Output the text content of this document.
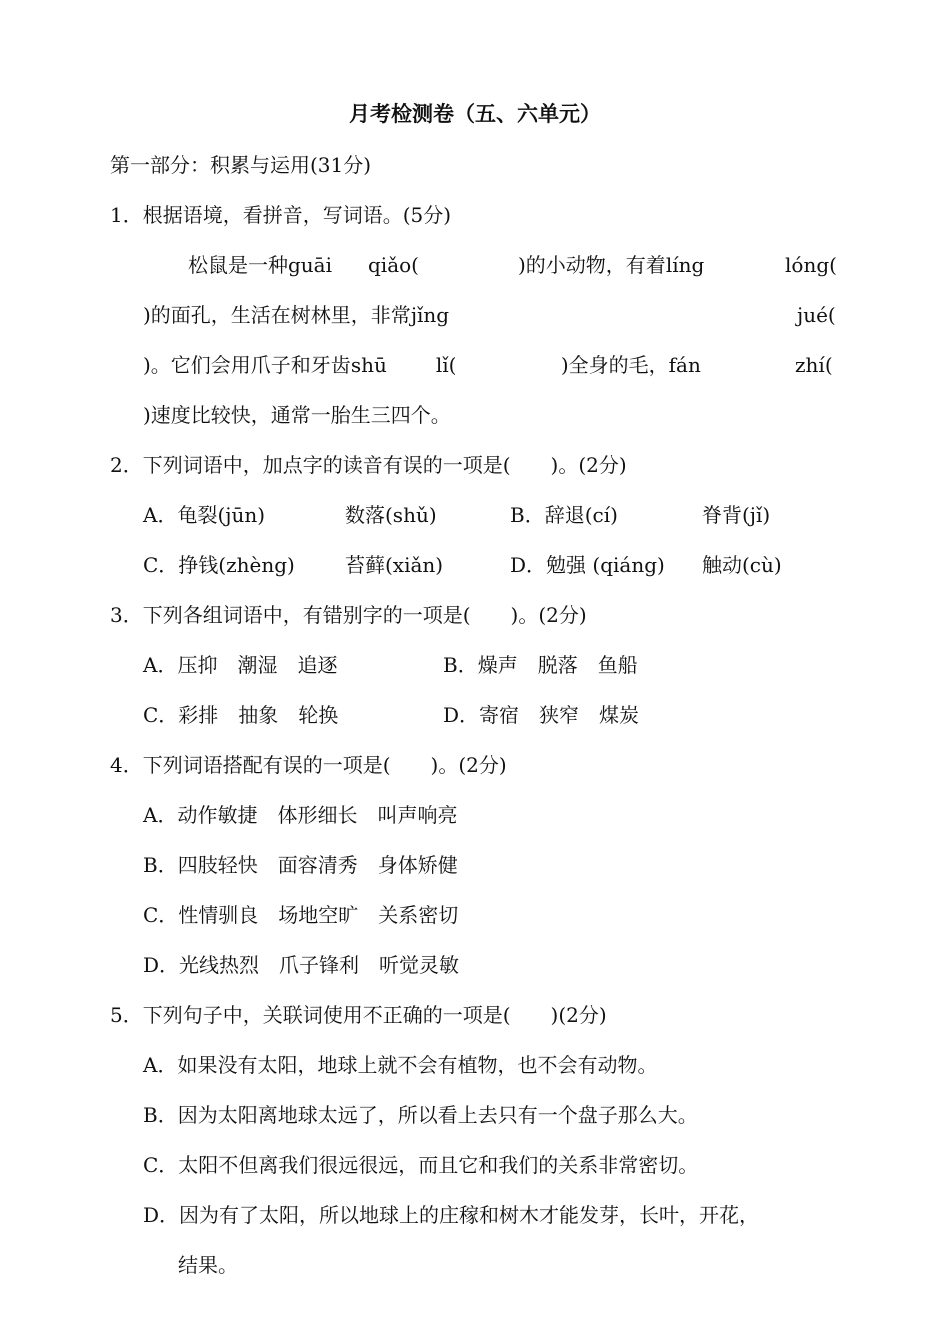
月考检测卷（五、六单元）
第一部分：积累与运用(31分)
1．根据语境，看拼音，写词语。(5分)
松鼠是一种guāi qiǎo(	)的小动物，有着líng	lóng(
)的面孔，生活在树林里，非常jǐng	jué(
)。它们会用爪子和牙齿shū lǐ(	)全身的毛，fán	zhí(
)速度比较快，通常一胎生三四个。
2．下列词语中，加点字的读音有误的一项是(　　)。(2分)
A．龟裂(jūn)	数落(shǔ)	B．辞退(cí)	脊背(jǐ)
C．挣钱(zhèng)	苔藓(xiǎn)	D．勉强 (qiáng) 触动(cù)
3．下列各组词语中，有错别字的一项是(　　)。(2分)
A．压抑　潮湿　追逐	B．燥声　脱落　鱼船
C．彩排　抽象　轮换	D．寄宿　狭窄　煤炭
4．下列词语搭配有误的一项是(　　)。(2分)
A．动作敏捷　体形细长　叫声响亮
B．四肢轻快　面容清秀　身体矫健
C．性情驯良　场地空旷　关系密切
D．光线热烈　爪子锋利　听觉灵敏
5．下列句子中，关联词使用不正确的一项是(　　)(2分)
A．如果没有太阳，地球上就不会有植物，也不会有动物。
B．因为太阳离地球太远了，所以看上去只有一个盘子那么大。
C．太阳不但离我们很远很远，而且它和我们的关系非常密切。
D．因为有了太阳，所以地球上的庄稼和树木才能发芽，长叶，开花，
结果。
